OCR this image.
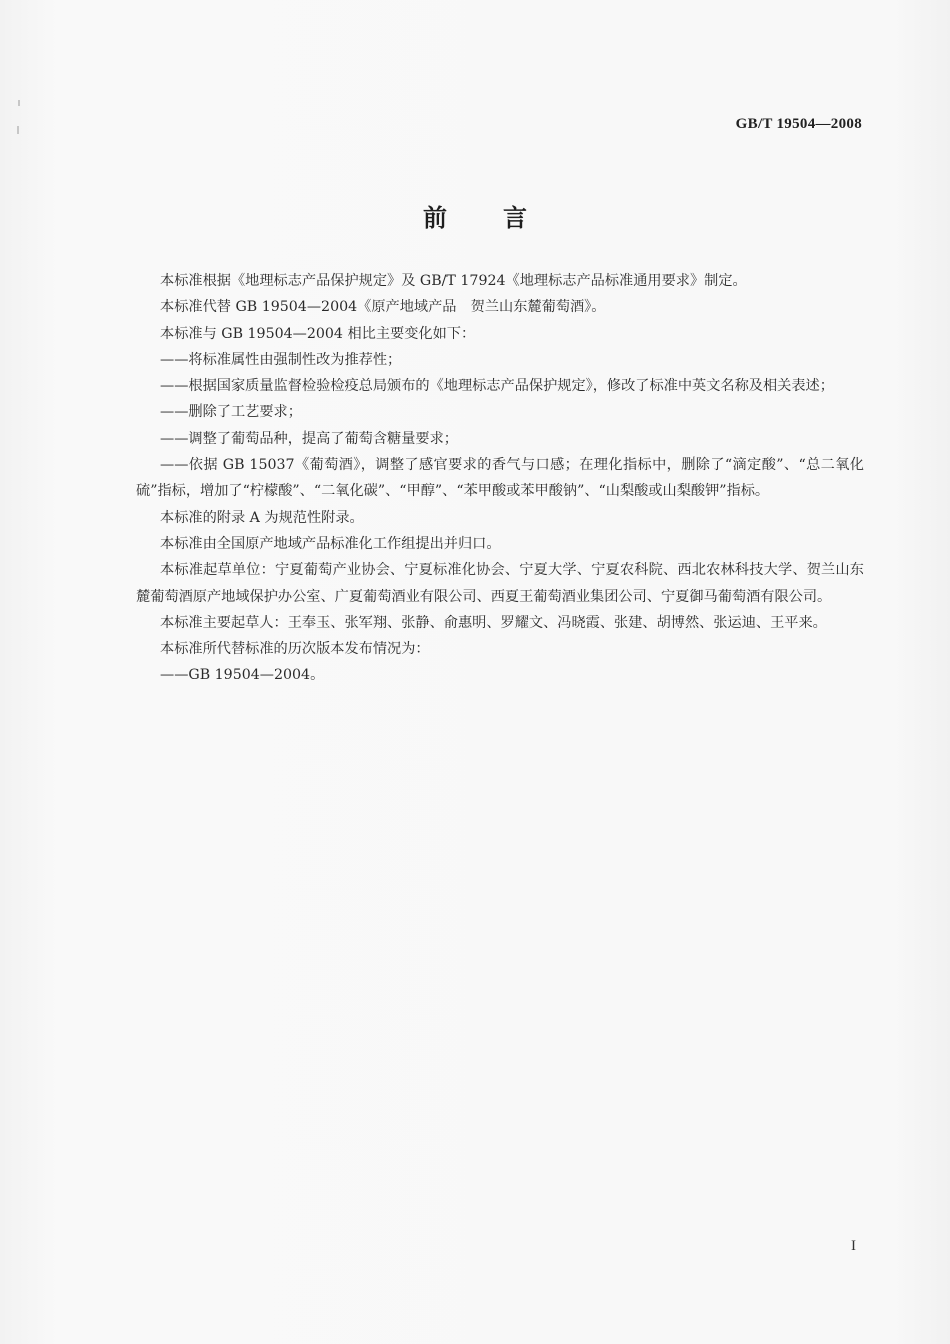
GB/T 19504—2008
前 言

本标准根据《地理标志产品保护规定》及 GB/T 17924《地理标志产品标准通用要求》制定。

本标准代替 GB 19504—2004《原产地域产品　贺兰山东麓葡萄酒》。

本标准与 GB 19504—2004 相比主要变化如下：

——将标准属性由强制性改为推荐性；

——根据国家质量监督检验检疫总局颁布的《地理标志产品保护规定》，修改了标准中英文名称及相关表述；

——删除了工艺要求；

——调整了葡萄品种，提高了葡萄含糖量要求；

——依据 GB 15037《葡萄酒》，调整了感官要求的香气与口感；在理化指标中，删除了“滴定酸”、“总二氧化硫”指标，增加了“柠檬酸”、“二氧化碳”、“甲醇”、“苯甲酸或苯甲酸钠”、“山梨酸或山梨酸钾”指标。

本标准的附录 A 为规范性附录。

本标准由全国原产地域产品标准化工作组提出并归口。

本标准起草单位：宁夏葡萄产业协会、宁夏标准化协会、宁夏大学、宁夏农科院、西北农林科技大学、贺兰山东麓葡萄酒原产地域保护办公室、广夏葡萄酒业有限公司、西夏王葡萄酒业集团公司、宁夏御马葡萄酒有限公司。

本标准主要起草人：王奉玉、张军翔、张静、俞惠明、罗耀文、冯晓霞、张建、胡博然、张运迪、王平来。

本标准所代替标准的历次版本发布情况为：

——GB 19504—2004。

I
